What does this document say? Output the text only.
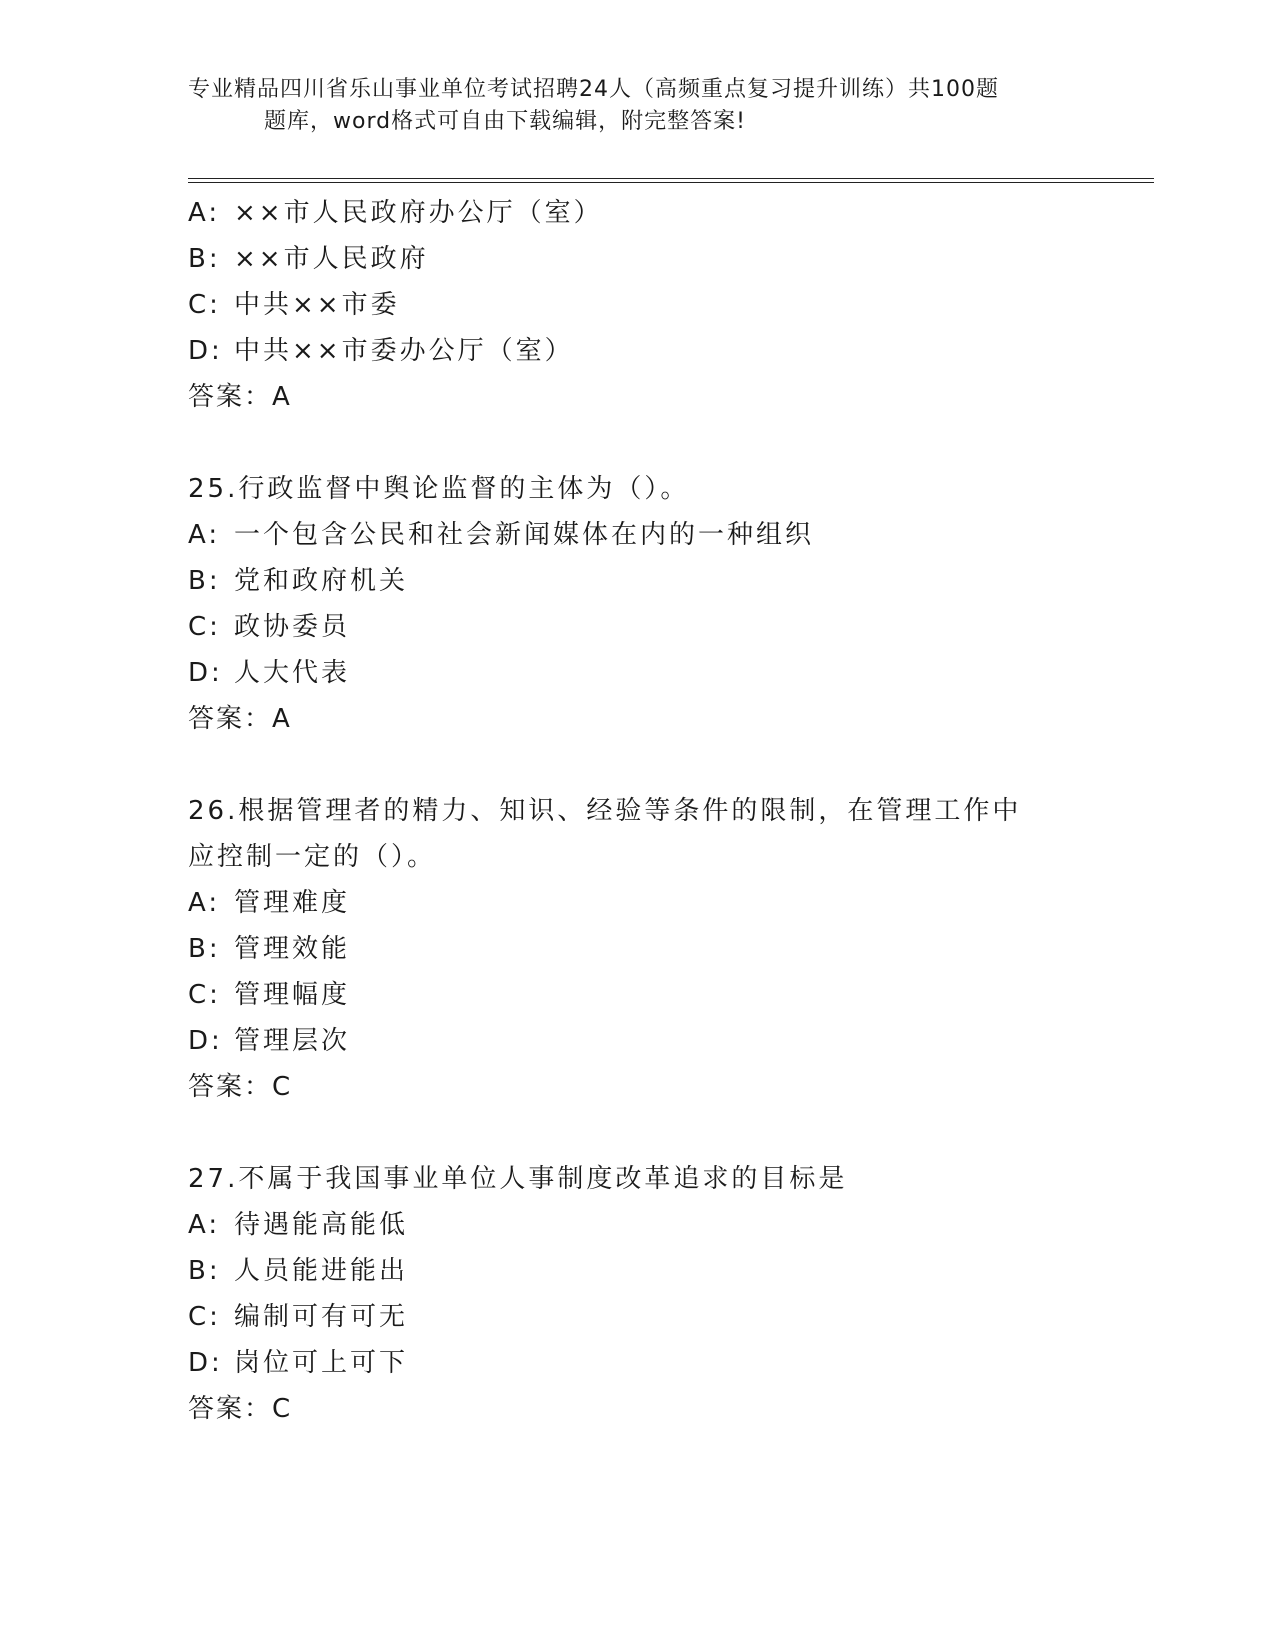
专业精品四川省乐山事业单位考试招聘24人（高频重点复习提升训练）共100题
题库，word格式可自由下载编辑，附完整答案!
A: ××市人民政府办公厅（室）
B: ××市人民政府
C: 中共××市委
D: 中共××市委办公厅（室）
答案：A
25.行政监督中舆论监督的主体为（）。
A: 一个包含公民和社会新闻媒体在内的一种组织
B: 党和政府机关
C: 政协委员
D: 人大代表
答案：A
26.根据管理者的精力、知识、经验等条件的限制，在管理工作中应控制一定的（）。
A: 管理难度
B: 管理效能
C: 管理幅度
D: 管理层次
答案：C
27.不属于我国事业单位人事制度改革追求的目标是
A: 待遇能高能低
B: 人员能进能出
C: 编制可有可无
D: 岗位可上可下
答案：C
